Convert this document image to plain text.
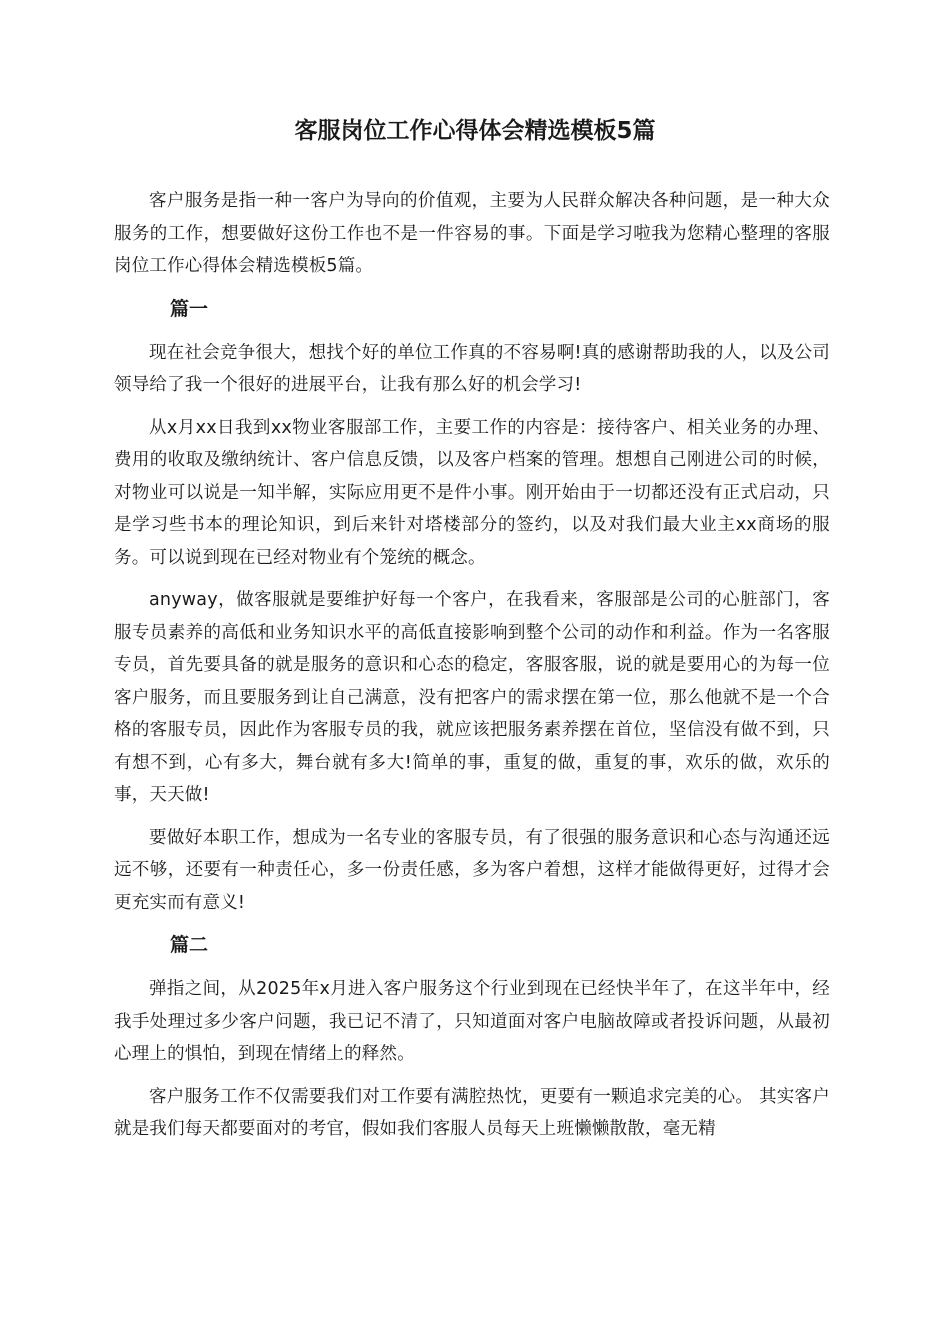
客服岗位工作心得体会精选模板5篇

客户服务是指一种一客户为导向的价值观，主要为人民群众解决各种问题，是一种大众服务的工作，想要做好这份工作也不是一件容易的事。下面是学习啦我为您精心整理的客服岗位工作心得体会精选模板5篇。

篇一

现在社会竞争很大，想找个好的单位工作真的不容易啊!真的感谢帮助我的人，以及公司领导给了我一个很好的进展平台，让我有那么好的机会学习!

从x月xx日我到xx物业客服部工作，主要工作的内容是：接待客户、相关业务的办理、费用的收取及缴纳统计、客户信息反馈，以及客户档案的管理。想想自己刚进公司的时候，对物业可以说是一知半解，实际应用更不是件小事。刚开始由于一切都还没有正式启动，只是学习些书本的理论知识，到后来针对塔楼部分的签约，以及对我们最大业主xx商场的服务。可以说到现在已经对物业有个笼统的概念。

anyway，做客服就是要维护好每一个客户，在我看来，客服部是公司的心脏部门，客服专员素养的高低和业务知识水平的高低直接影响到整个公司的动作和利益。作为一名客服专员，首先要具备的就是服务的意识和心态的稳定，客服客服，说的就是要用心的为每一位客户服务，而且要服务到让自己满意，没有把客户的需求摆在第一位，那么他就不是一个合格的客服专员，因此作为客服专员的我，就应该把服务素养摆在首位，坚信没有做不到，只有想不到，心有多大，舞台就有多大!简单的事，重复的做，重复的事，欢乐的做，欢乐的事，天天做!

要做好本职工作，想成为一名专业的客服专员，有了很强的服务意识和心态与沟通还远远不够，还要有一种责任心，多一份责任感，多为客户着想，这样才能做得更好，过得才会更充实而有意义!

篇二

弹指之间，从2025年x月进入客户服务这个行业到现在已经快半年了，在这半年中，经我手处理过多少客户问题，我已记不清了，只知道面对客户电脑故障或者投诉问题，从最初心理上的惧怕，到现在情绪上的释然。

客户服务工作不仅需要我们对工作要有满腔热忱，更要有一颗追求完美的心。 其实客户就是我们每天都要面对的考官，假如我们客服人员每天上班懒懒散散，毫无精
